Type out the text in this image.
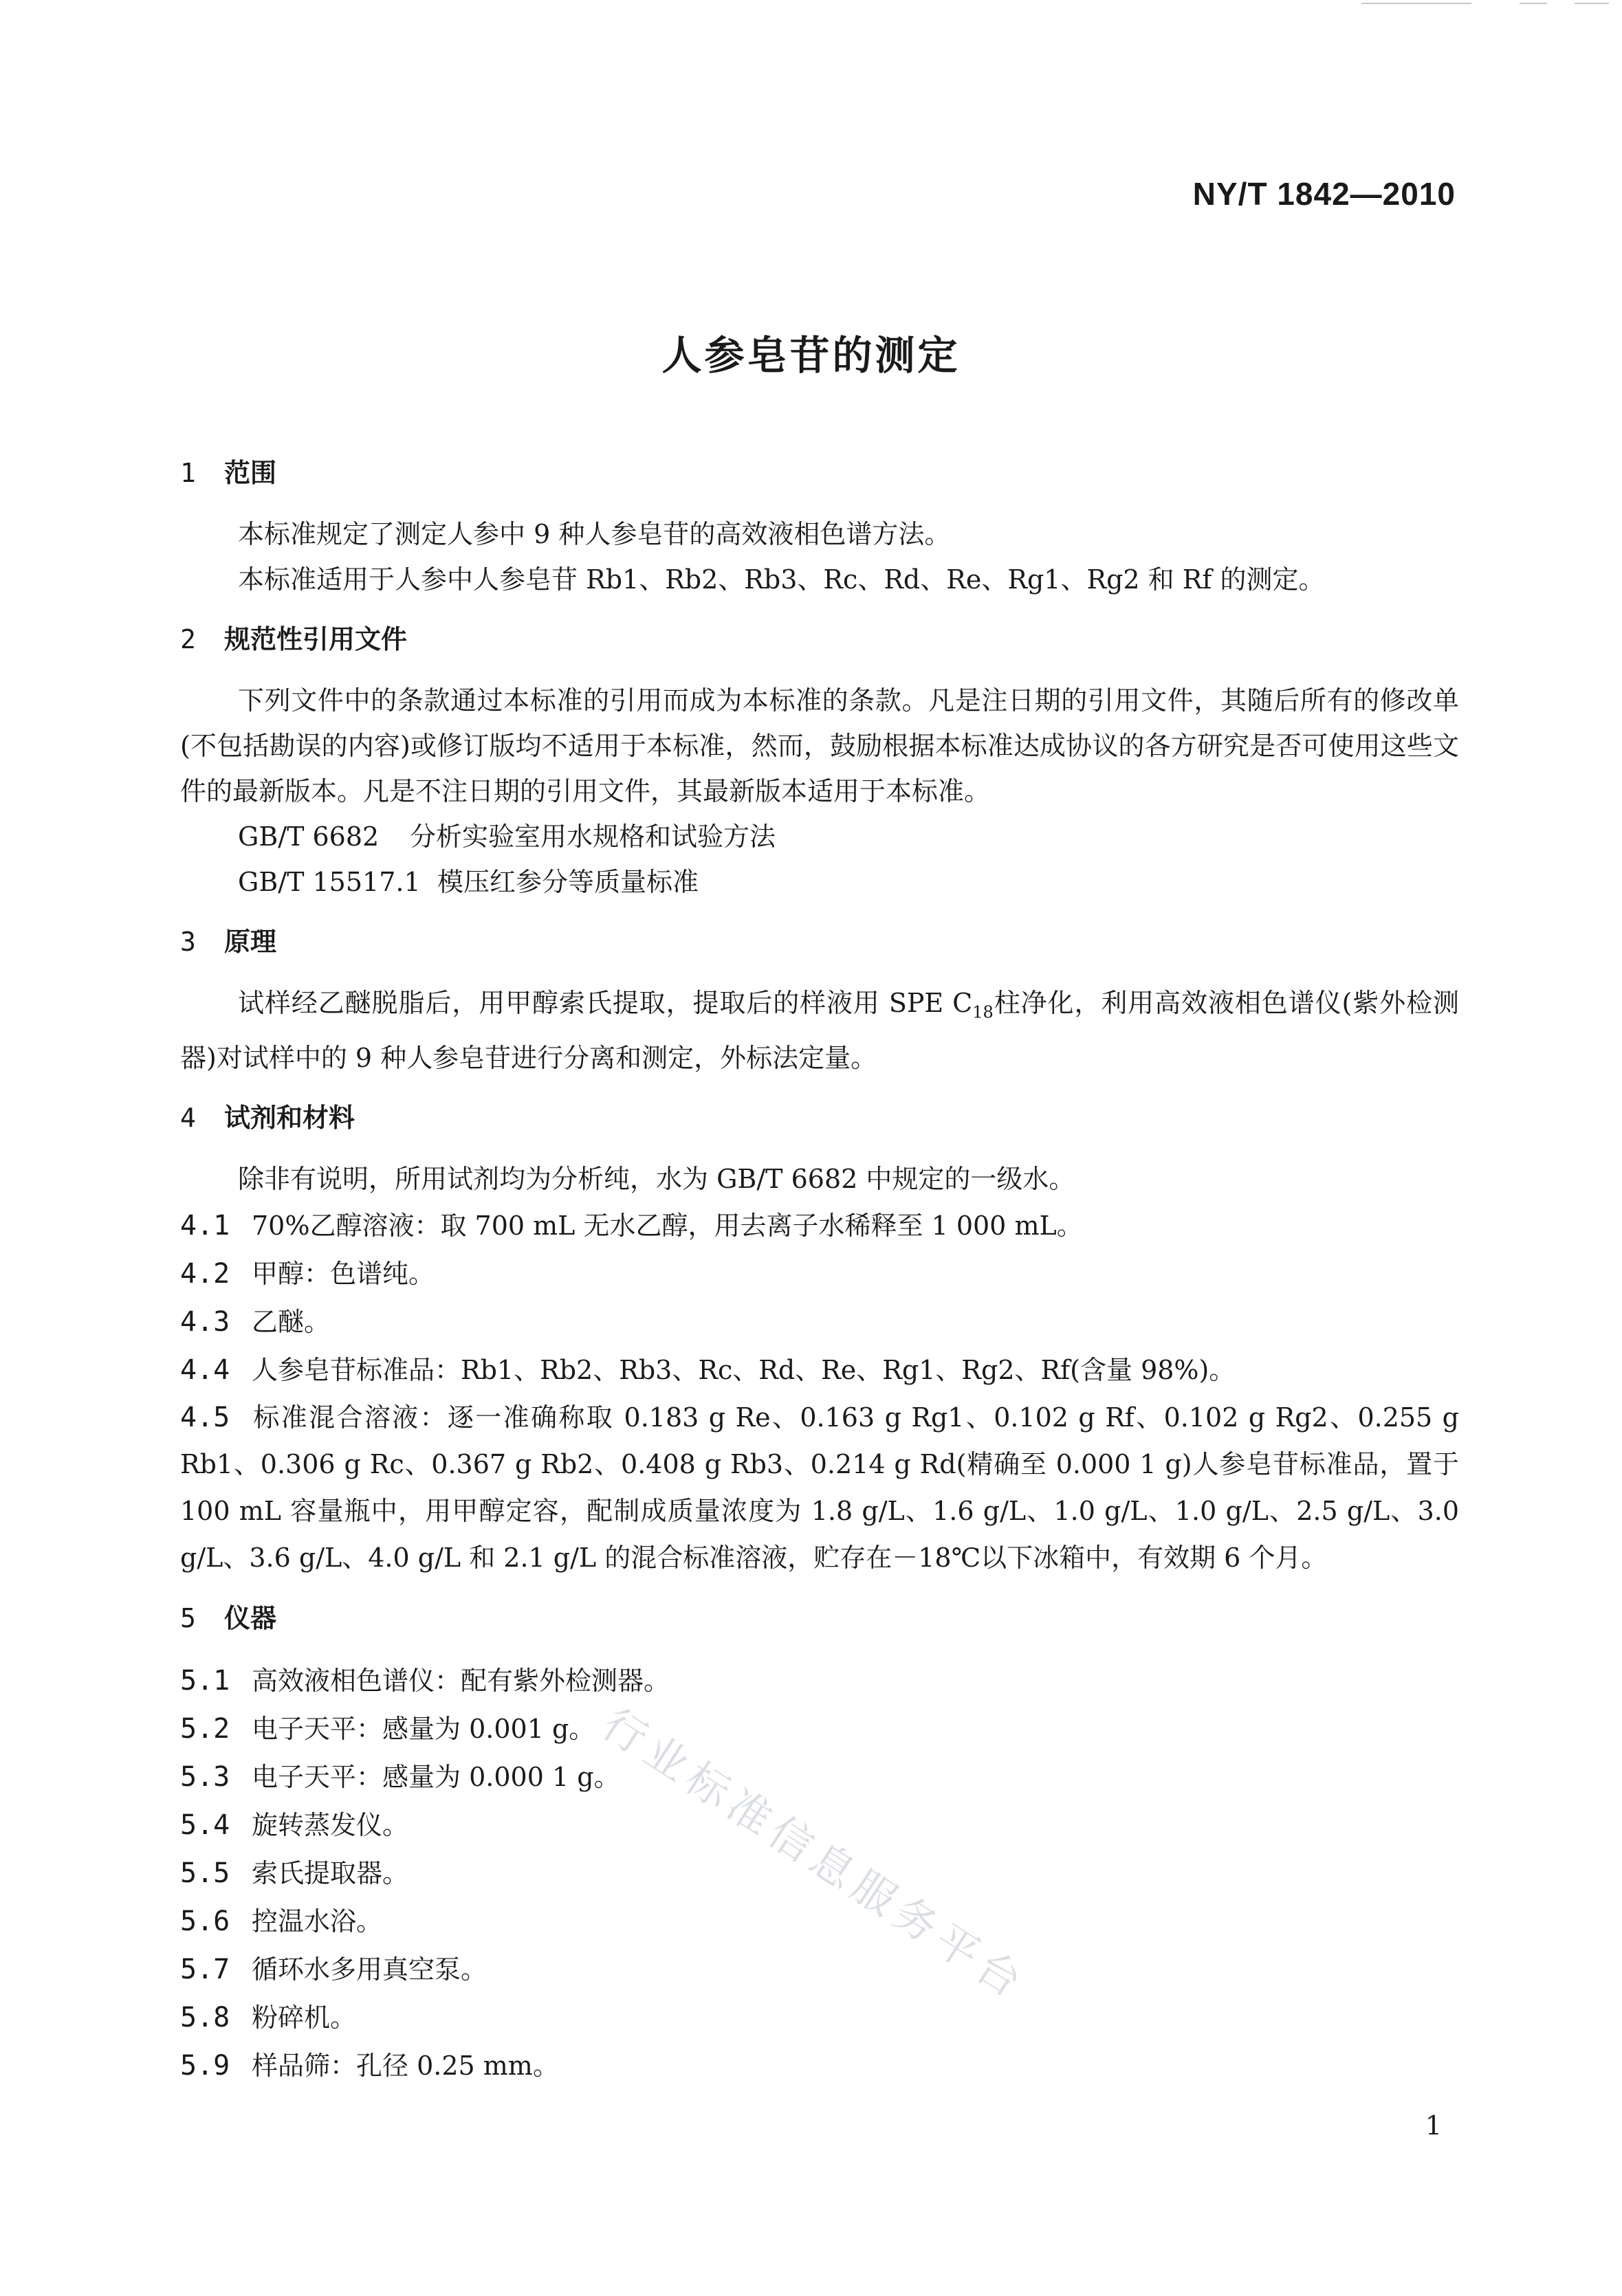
NY/T 1842—2010
人参皂苷的测定
1 范围

本标准规定了测定人参中 9 种人参皂苷的高效液相色谱方法。

本标准适用于人参中人参皂苷 Rb1、Rb2、Rb3、Rc、Rd、Re、Rg1、Rg2 和 Rf 的测定。

2 规范性引用文件

下列文件中的条款通过本标准的引用而成为本标准的条款。凡是注日期的引用文件，其随后所有的修改单(不包括勘误的内容)或修订版均不适用于本标准，然而，鼓励根据本标准达成协议的各方研究是否可使用这些文件的最新版本。凡是不注日期的引用文件，其最新版本适用于本标准。

GB/T 6682 分析实验室用水规格和试验方法
GB/T 15517.1 模压红参分等质量标准
3 原理

试样经乙醚脱脂后，用甲醇索氏提取，提取后的样液用 SPE $C_{18}$柱净化，利用高效液相色谱仪(紫外检测器)对试样中的 9 种人参皂苷进行分离和测定，外标法定量。

4 试剂和材料

除非有说明，所用试剂均为分析纯，水为 GB/T 6682 中规定的一级水。

4.1 70%乙醇溶液：取 700 mL 无水乙醇，用去离子水稀释至 1 000 mL。
4.2 甲醇：色谱纯。
4.3 乙醚。
4.4 人参皂苷标准品：Rb1、Rb2、Rb3、Rc、Rd、Re、Rg1、Rg2、Rf(含量 98%)。
4.5 标准混合溶液：逐一准确称取 0.183 g Re、0.163 g Rg1、0.102 g Rf、0.102 g Rg2、0.255 g Rb1、0.306 g Rc、0.367 g Rb2、0.408 g Rb3、0.214 g Rd(精确至 0.000 1 g)人参皂苷标准品，置于 100 mL 容量瓶中，用甲醇定容，配制成质量浓度为 1.8 g/L、1.6 g/L、1.0 g/L、1.0 g/L、2.5 g/L、3.0 g/L、3.6 g/L、4.0 g/L 和 2.1 g/L 的混合标准溶液，贮存在－18℃以下冰箱中，有效期 6 个月。
5 仪器
5.1 高效液相色谱仪：配有紫外检测器。
5.2 电子天平：感量为 0.001 g。
5.3 电子天平：感量为 0.000 1 g。
5.4 旋转蒸发仪。
5.5 索氏提取器。
5.6 控温水浴。
5.7 循环水多用真空泵。
5.8 粉碎机。
5.9 样品筛：孔径 0.25 mm。
行业标准信息服务平台
1
